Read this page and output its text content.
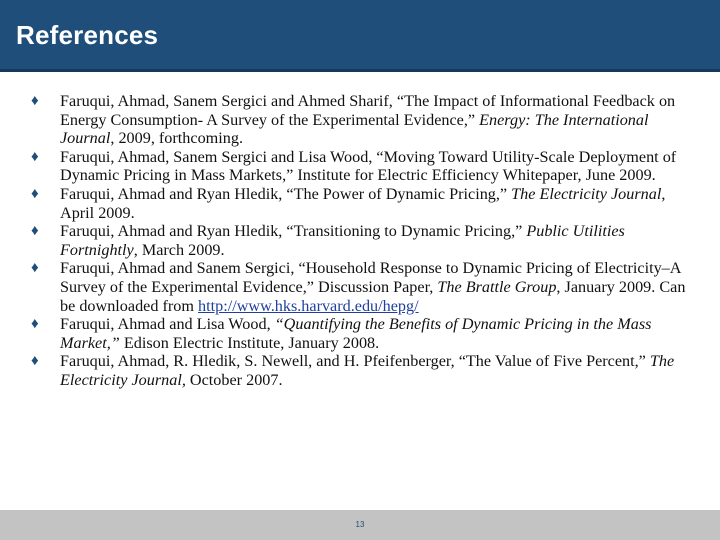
References
♦ Faruqui, Ahmad, Sanem Sergici and Ahmed Sharif, “The Impact of Informational Feedback on Energy Consumption- A Survey of the Experimental Evidence,” Energy: The International Journal, 2009, forthcoming.
♦ Faruqui, Ahmad, Sanem Sergici and Lisa Wood, “Moving Toward Utility-Scale Deployment of Dynamic Pricing in Mass Markets,” Institute for Electric Efficiency Whitepaper, June 2009.
♦ Faruqui, Ahmad and Ryan Hledik, “The Power of Dynamic Pricing,” The Electricity Journal, April 2009.
♦ Faruqui, Ahmad and Ryan Hledik, “Transitioning to Dynamic Pricing,” Public Utilities Fortnightly, March 2009.
♦ Faruqui, Ahmad and Sanem Sergici, “Household Response to Dynamic Pricing of Electricity–A Survey of the Experimental Evidence,” Discussion Paper, The Brattle Group, January 2009. Can be downloaded from http://www.hks.harvard.edu/hepg/
♦ Faruqui, Ahmad and Lisa Wood, “Quantifying the Benefits of Dynamic Pricing in the Mass Market,” Edison Electric Institute, January 2008.
♦ Faruqui, Ahmad, R. Hledik, S. Newell, and H. Pfeifenberger, “The Value of Five Percent,” The Electricity Journal, October 2007.
13
